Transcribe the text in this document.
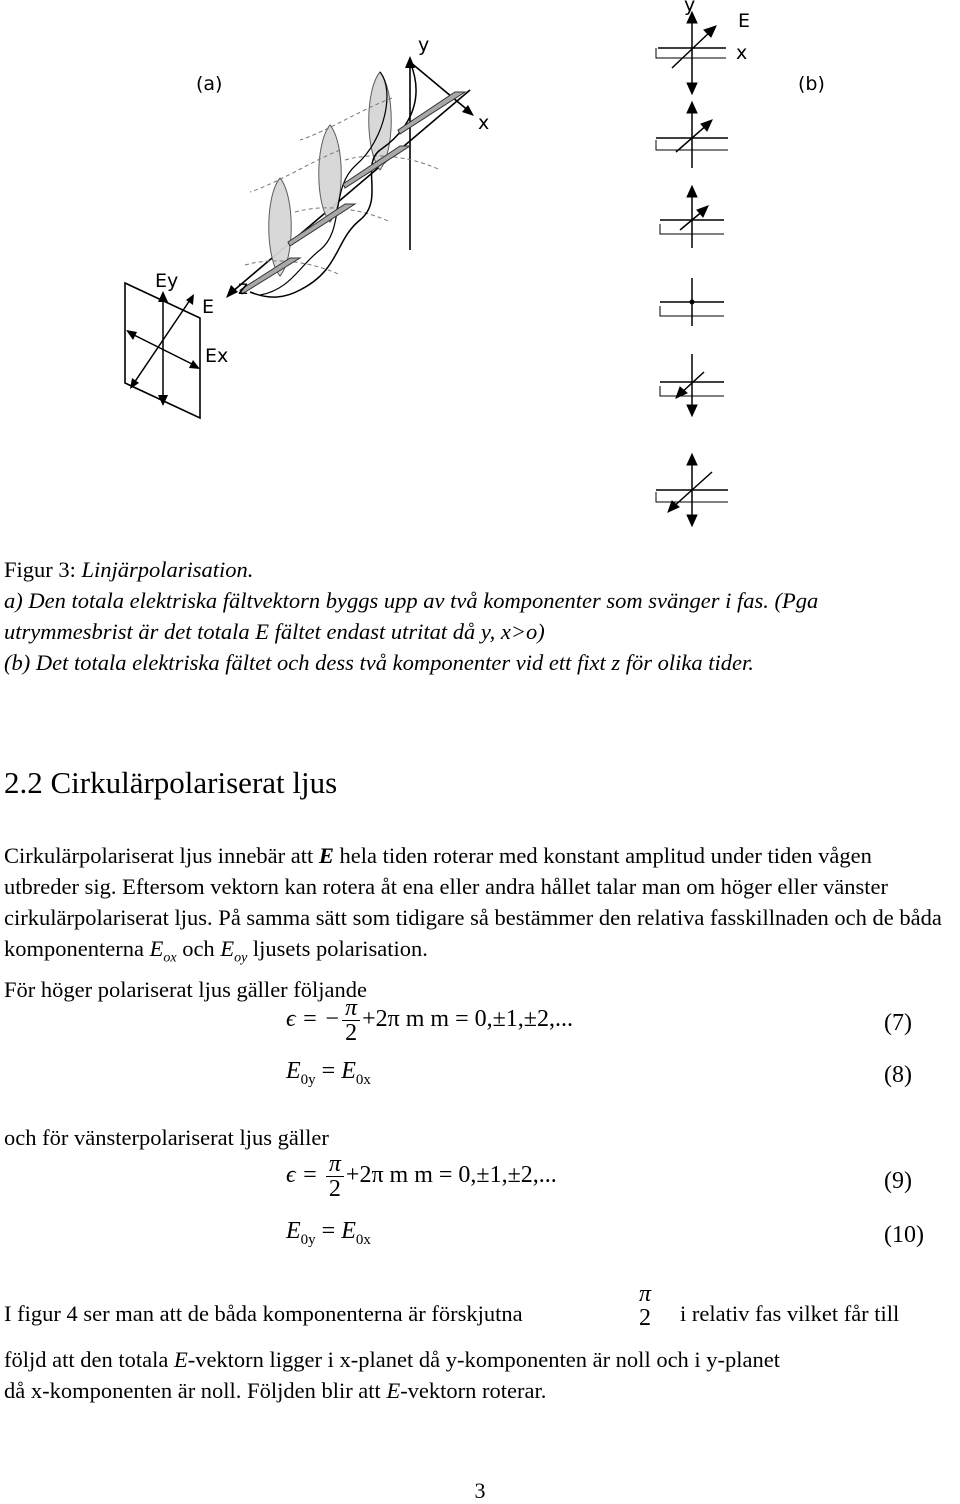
(a)	(b)
y
x
z
Ey
E
Ex
y
E
x
Figur 3: Linjärpolarisation.
a) Den totala elektriska fältvektorn byggs upp av två komponenter som svänger i fas. (Pga
utrymmesbrist är det totala E fältet endast utritat då y, x>o)
(b) Det totala elektriska fältet och dess två komponenter vid ett fixt z för olika tider.
2.2 Cirkulärpolariserat ljus
Cirkulärpolariserat ljus innebär att E hela tiden roterar med konstant amplitud under tiden vågen utbreder sig. Eftersom vektorn kan rotera åt ena eller andra hållet talar man om höger eller vänster cirkulärpolariserat ljus. På samma sätt som tidigare så bestämmer den relativa fasskillnaden och de båda komponenterna $E_{ox}$ och $E_{oy}$ ljusets polarisation.
För höger polariserat ljus gäller följande
ϵ = − $\frac{\pi}{2} +2\pi$ m m = 0,±1,±2,...	(7)
$E_{0y} = E_{0x}$	(8)
och för vänsterpolariserat ljus gäller
$\epsilon = \frac{\pi}{2} +2\pi$ m m = 0,±1,±2,...	(9)
$E_{0y} = E_{0x}$	(10)
I figur 4 ser man att de båda komponenterna är förskjutna
π
2 i relativ fas vilket får till
följd att den totala E-vektorn ligger i x-planet då y-komponenten är noll och i y-planet
då x-komponenten är noll. Följden blir att E-vektorn roterar.
3
